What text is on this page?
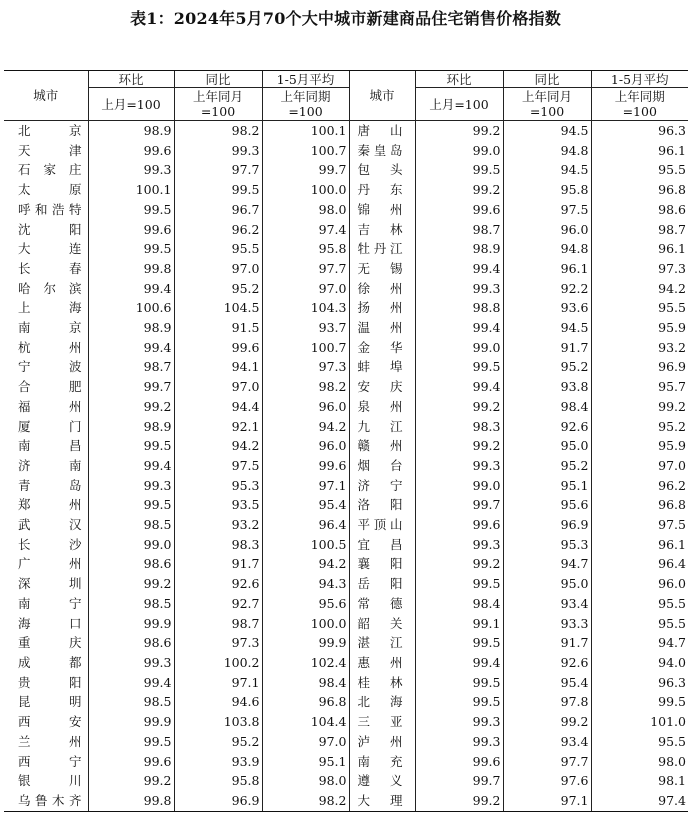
表1：2024年5月70个大中城市新建商品住宅销售价格指数
城市	环比	同比	1-5月平均	城市	环比	同比	1-5月平均
	上月=100	上年同月=100	上年同期=100		上月=100	上年同月=100	上年同期=100
北京	98.9	98.2	100.1	唐山	99.2	94.5	96.3
天津	99.6	99.3	100.7	秦皇岛	99.0	94.8	96.1
石家庄	99.3	97.7	99.7	包头	99.5	94.5	95.5
太原	100.1	99.5	100.0	丹东	99.2	95.8	96.8
呼和浩特	99.5	96.7	98.0	锦州	99.6	97.5	98.6
沈阳	99.6	96.2	97.4	吉林	98.7	96.0	98.7
大连	99.5	95.5	95.8	牡丹江	98.9	94.8	96.1
长春	99.8	97.0	97.7	无锡	99.4	96.1	97.3
哈尔滨	99.4	95.2	97.0	徐州	99.3	92.2	94.2
上海	100.6	104.5	104.3	扬州	98.8	93.6	95.5
南京	98.9	91.5	93.7	温州	99.4	94.5	95.9
杭州	99.4	99.6	100.7	金华	99.0	91.7	93.2
宁波	98.7	94.1	97.3	蚌埠	99.5	95.2	96.9
合肥	99.7	97.0	98.2	安庆	99.4	93.8	95.7
福州	99.2	94.4	96.0	泉州	99.2	98.4	99.2
厦门	98.9	92.1	94.2	九江	98.3	92.6	95.2
南昌	99.5	94.2	96.0	赣州	99.2	95.0	95.9
济南	99.4	97.5	99.6	烟台	99.3	95.2	97.0
青岛	99.3	95.3	97.1	济宁	99.0	95.1	96.2
郑州	99.5	93.5	95.4	洛阳	99.7	95.6	96.8
武汉	98.5	93.2	96.4	平顶山	99.6	96.9	97.5
长沙	99.0	98.3	100.5	宜昌	99.3	95.3	96.1
广州	98.6	91.7	94.2	襄阳	99.2	94.7	96.4
深圳	99.2	92.6	94.3	岳阳	99.5	95.0	96.0
南宁	98.5	92.7	95.6	常德	98.4	93.4	95.5
海口	99.9	98.7	100.0	韶关	99.1	93.3	95.5
重庆	98.6	97.3	99.9	湛江	99.5	91.7	94.7
成都	99.3	100.2	102.4	惠州	99.4	92.6	94.0
贵阳	99.4	97.1	98.4	桂林	99.5	95.4	96.3
昆明	98.5	94.6	96.8	北海	99.5	97.8	99.5
西安	99.9	103.8	104.4	三亚	99.3	99.2	101.0
兰州	99.5	95.2	97.0	泸州	99.3	93.4	95.5
西宁	99.6	93.9	95.1	南充	99.6	97.7	98.0
银川	99.2	95.8	98.0	遵义	99.7	97.6	98.1
乌鲁木齐	99.8	96.9	98.2	大理	99.2	97.1	97.4
